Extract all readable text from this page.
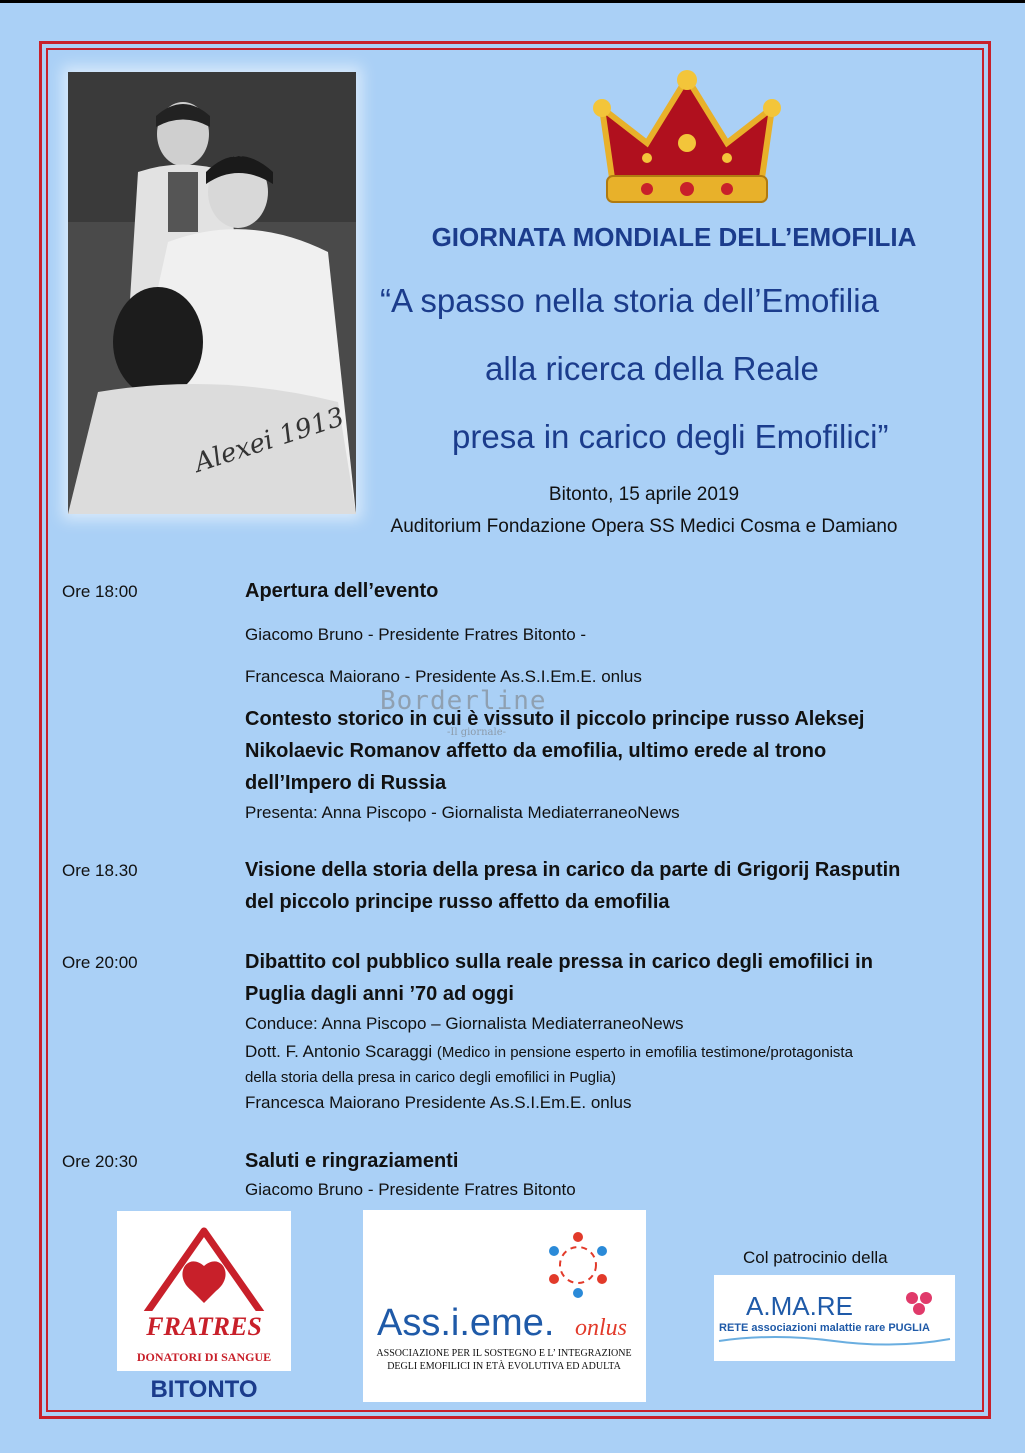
Alexei 1913
GIORNATA MONDIALE DELL’EMOFILIA
“A spasso nella storia dell’Emofilia
alla ricerca della Reale
presa in carico degli Emofilici”
Bitonto, 15 aprile 2019
Auditorium Fondazione Opera SS Medici Cosma e Damiano
Ore 18:00	Apertura dell’evento
Giacomo Bruno - Presidente Fratres Bitonto -
Francesca Maiorano - Presidente As.S.I.Em.E. onlus
Borderline
-Il giornale-
Contesto storico in cui è vissuto il piccolo principe russo Aleksej
Nikolaevic Romanov affetto da emofilia, ultimo erede al trono
dell’Impero di Russia
Presenta: Anna Piscopo - Giornalista MediaterraneoNews
Ore 18.30	Visione della storia della presa in carico da parte di Grigorij Rasputin
del piccolo principe russo affetto da emofilia
Ore 20:00	Dibattito col pubblico sulla reale pressa in carico degli emofilici in
Puglia dagli anni ’70 ad oggi
Conduce: Anna Piscopo – Giornalista MediaterraneoNews
Dott. F. Antonio Scaraggi (Medico in pensione esperto in emofilia testimone/protagonista
della storia della presa in carico degli emofilici in Puglia)
Francesca Maiorano Presidente As.S.I.Em.E. onlus
Ore 20:30	Saluti e ringraziamenti
Giacomo Bruno - Presidente Fratres Bitonto
FRATRES
DONATORI DI SANGUE
BITONTO
Ass.i.eme. onlus
ASSOCIAZIONE PER IL SOSTEGNO E L’ INTEGRAZIONE
DEGLI EMOFILICI IN ETÀ EVOLUTIVA ED ADULTA
Col patrocinio della
A.MA.RE
RETE associazioni malattie rare PUGLIA
